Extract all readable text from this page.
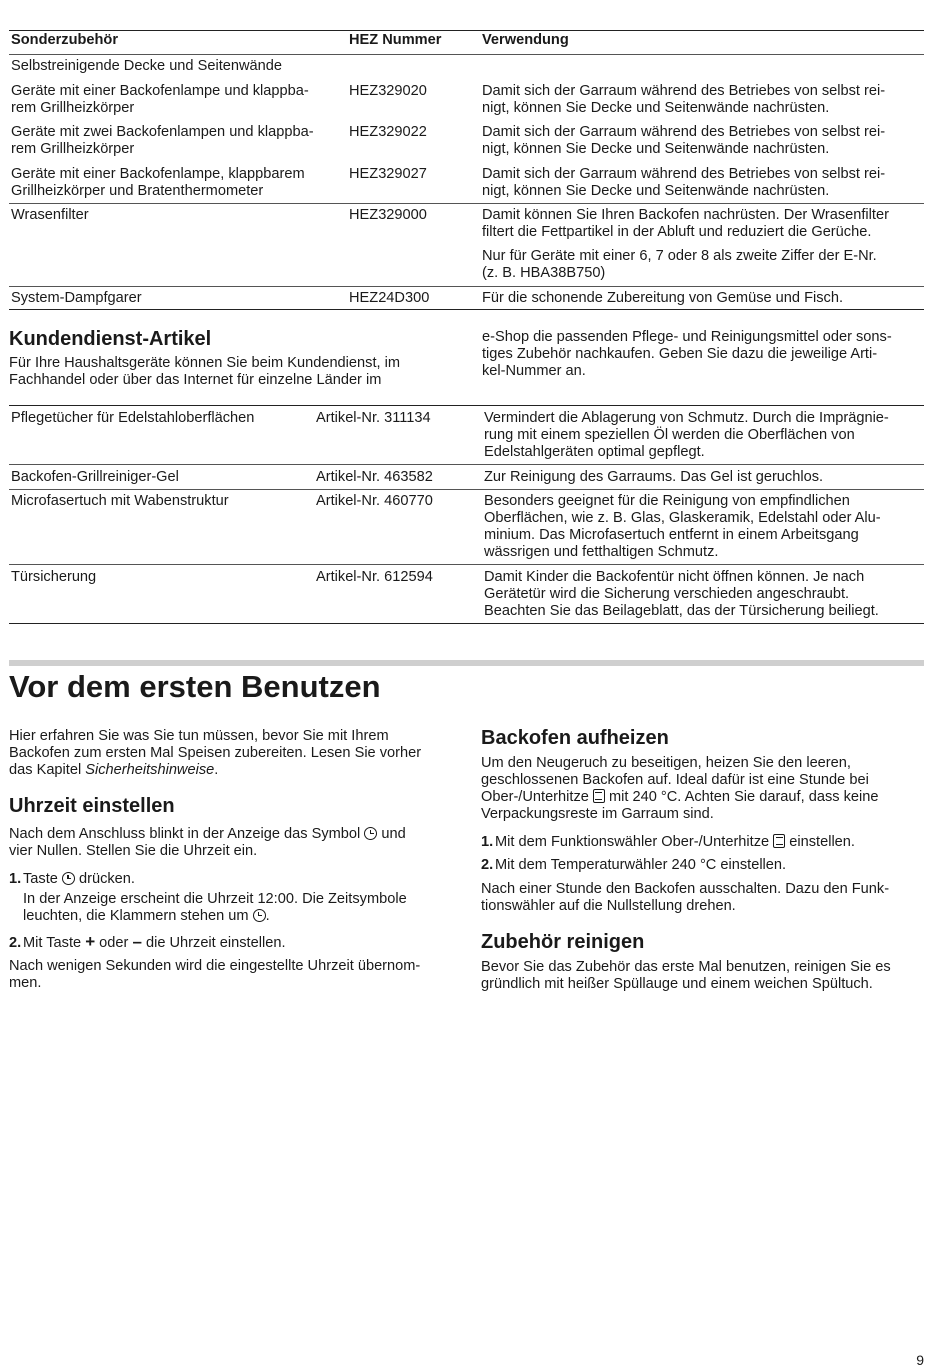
Sonderzubehör	HEZ Nummer	Verwendung
Selbstreinigende Decke und Seitenwände
Geräte mit einer Backofenlampe und klappba-
rem Grillheizkörper
HEZ329020	Damit sich der Garraum während des Betriebes von selbst rei-
nigt, können Sie Decke und Seitenwände nachrüsten.
Geräte mit zwei Backofenlampen und klappba-
rem Grillheizkörper
HEZ329022	Damit sich der Garraum während des Betriebes von selbst rei-
nigt, können Sie Decke und Seitenwände nachrüsten.
Geräte mit einer Backofenlampe, klappbarem
Grillheizkörper und Bratenthermometer
HEZ329027	Damit sich der Garraum während des Betriebes von selbst rei-
nigt, können Sie Decke und Seitenwände nachrüsten.
Wrasenfilter	HEZ329000	Damit können Sie Ihren Backofen nachrüsten. Der Wrasenfilter
filtert die Fettpartikel in der Abluft und reduziert die Gerüche.
Nur für Geräte mit einer 6, 7 oder 8 als zweite Ziffer der E-Nr.
(z. B. HBA38B750)
System-Dampfgarer	HEZ24D300	Für die schonende Zubereitung von Gemüse und Fisch.
Kundendienst-Artikel

Für Ihre Haushaltsgeräte können Sie beim Kundendienst, im
Fachhandel oder über das Internet für einzelne Länder im

e-Shop die passenden Pflege- und Reinigungsmittel oder sons-
tiges Zubehör nachkaufen. Geben Sie dazu die jeweilige Arti-
kel-Nummer an.

Pflegetücher für Edelstahloberflächen	Artikel-Nr. 311134	Vermindert die Ablagerung von Schmutz. Durch die Imprägnie-
rung mit einem speziellen Öl werden die Oberflächen von
Edelstahlgeräten optimal gepflegt.
Backofen-Grillreiniger-Gel	Artikel-Nr. 463582	Zur Reinigung des Garraums. Das Gel ist geruchlos.
Microfasertuch mit Wabenstruktur	Artikel-Nr. 460770	Besonders geeignet für die Reinigung von empfindlichen
Oberflächen, wie z. B. Glas, Glaskeramik, Edelstahl oder Alu-
minium. Das Microfasertuch entfernt in einem Arbeitsgang
wässrigen und fetthaltigen Schmutz.
Türsicherung	Artikel-Nr. 612594	Damit Kinder die Backofentür nicht öffnen können. Je nach
Gerätetür wird die Sicherung verschieden angeschraubt.
Beachten Sie das Beilageblatt, das der Türsicherung beiliegt.
Vor dem ersten Benutzen

Hier erfahren Sie was Sie tun müssen, bevor Sie mit Ihrem
Backofen zum ersten Mal Speisen zubereiten. Lesen Sie vorher
das Kapitel Sicherheitshinweise.

Uhrzeit einstellen

Nach dem Anschluss blinkt in der Anzeige das Symbol  und
vier Nullen. Stellen Sie die Uhrzeit ein.

1. Taste  drücken.

In der Anzeige erscheint die Uhrzeit 12:00. Die Zeitsymbole
leuchten, die Klammern stehen um .

2. Mit Taste + oder – die Uhrzeit einstellen.

Nach wenigen Sekunden wird die eingestellte Uhrzeit übernom-
men.

Backofen aufheizen

Um den Neugeruch zu beseitigen, heizen Sie den leeren,
geschlossenen Backofen auf. Ideal dafür ist eine Stunde bei
Ober-/Unterhitze  mit 240 °C. Achten Sie darauf, dass keine
Verpackungsreste im Garraum sind.

1. Mit dem Funktionswähler Ober-/Unterhitze  einstellen.

2. Mit dem Temperaturwähler 240 °C einstellen.

Nach einer Stunde den Backofen ausschalten. Dazu den Funk-
tionswähler auf die Nullstellung drehen.

Zubehör reinigen

Bevor Sie das Zubehör das erste Mal benutzen, reinigen Sie es
gründlich mit heißer Spüllauge und einem weichen Spültuch.

9
